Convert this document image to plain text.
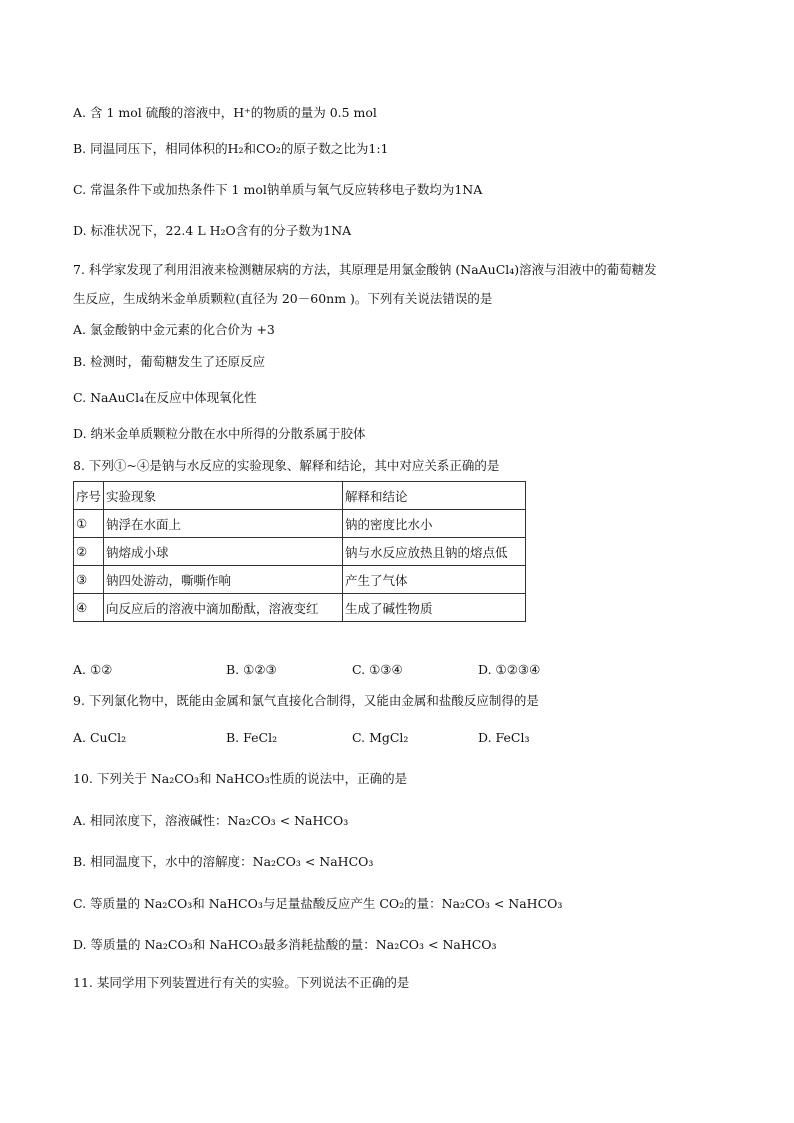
A. 含 1 mol 硫酸的溶液中，H⁺的物质的量为 0.5 mol
B. 同温同压下，相同体积的H₂和CO₂的原子数之比为1:1
C. 常温条件下或加热条件下 1 mol钠单质与氧气反应转移电子数均为1NA
D. 标准状况下，22.4 L H₂O含有的分子数为1NA
7. 科学家发现了利用泪液来检测糖尿病的方法，其原理是用氯金酸钠 (NaAuCl₄)溶液与泪液中的葡萄糖发
生反应，生成纳米金单质颗粒(直径为 20－60nm )。下列有关说法错误的是
A. 氯金酸钠中金元素的化合价为 +3
B. 检测时，葡萄糖发生了还原反应
C. NaAuCl₄在反应中体现氧化性
D. 纳米金单质颗粒分散在水中所得的分散系属于胶体
8. 下列①~④是钠与水反应的实验现象、解释和结论，其中对应关系正确的是
序号	实验现象	解释和结论
①	钠浮在水面上	钠的密度比水小
②	钠熔成小球	钠与水反应放热且钠的熔点低
③	钠四处游动，嘶嘶作响	产生了气体
④	向反应后的溶液中滴加酚酞，溶液变红	生成了碱性物质
A. ①②	B. ①②③	C. ①③④	D. ①②③④
9. 下列氯化物中，既能由金属和氯气直接化合制得，又能由金属和盐酸反应制得的是
A. CuCl₂	B. FeCl₂	C. MgCl₂	D. FeCl₃
10. 下列关于 Na₂CO₃和 NaHCO₃性质的说法中，正确的是
A. 相同浓度下，溶液碱性：Na₂CO₃ < NaHCO₃
B. 相同温度下，水中的溶解度：Na₂CO₃ < NaHCO₃
C. 等质量的 Na₂CO₃和 NaHCO₃与足量盐酸反应产生 CO₂的量：Na₂CO₃ < NaHCO₃
D. 等质量的 Na₂CO₃和 NaHCO₃最多消耗盐酸的量：Na₂CO₃ < NaHCO₃
11. 某同学用下列装置进行有关的实验。下列说法不正确的是
